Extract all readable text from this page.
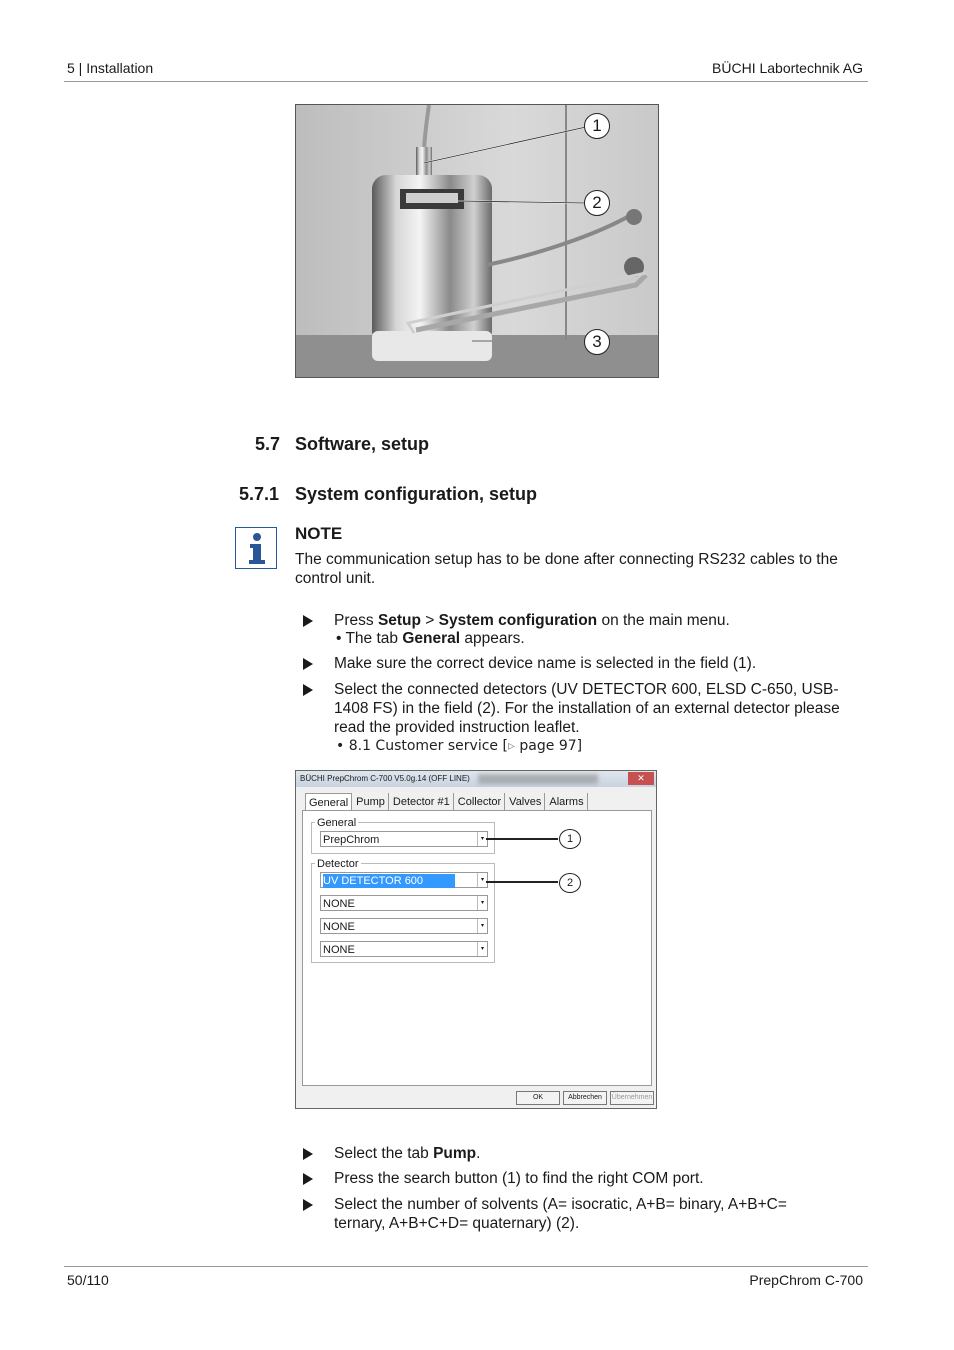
5 | Installation	BÜCHI Labortechnik AG
1
2
3
5.7 Software, setup
5.7.1 System configuration, setup
NOTE
The communication setup has to be done after connecting RS232 cables to the
control unit.
Press Setup > System configuration on the main menu.
• The tab General appears.
Make sure the correct device name is selected in the field (1).
Select the connected detectors (UV DETECTOR 600, ELSD C-650, USB-
1408 FS) in the field (2). For the installation of an external detector please
read the provided instruction leaflet.
• 8.1 Customer service [▹ page 97]
BÜCHI PrepChrom C-700 V5.0g.14 (OFF LINE)	✕
General Pump Detector #1 Collector Valves Alarms
General
PrepChrom	▾
Detector
UV DETECTOR 600	▾
NONE	▾
NONE	▾
NONE	▾
1
2
OK	Abbrechen	Übernehmen
Select the tab Pump.
Press the search button (1) to find the right COM port.
Select the number of solvents (A= isocratic, A+B= binary, A+B+C=
ternary, A+B+C+D= quaternary) (2).
50/110	PrepChrom C-700
